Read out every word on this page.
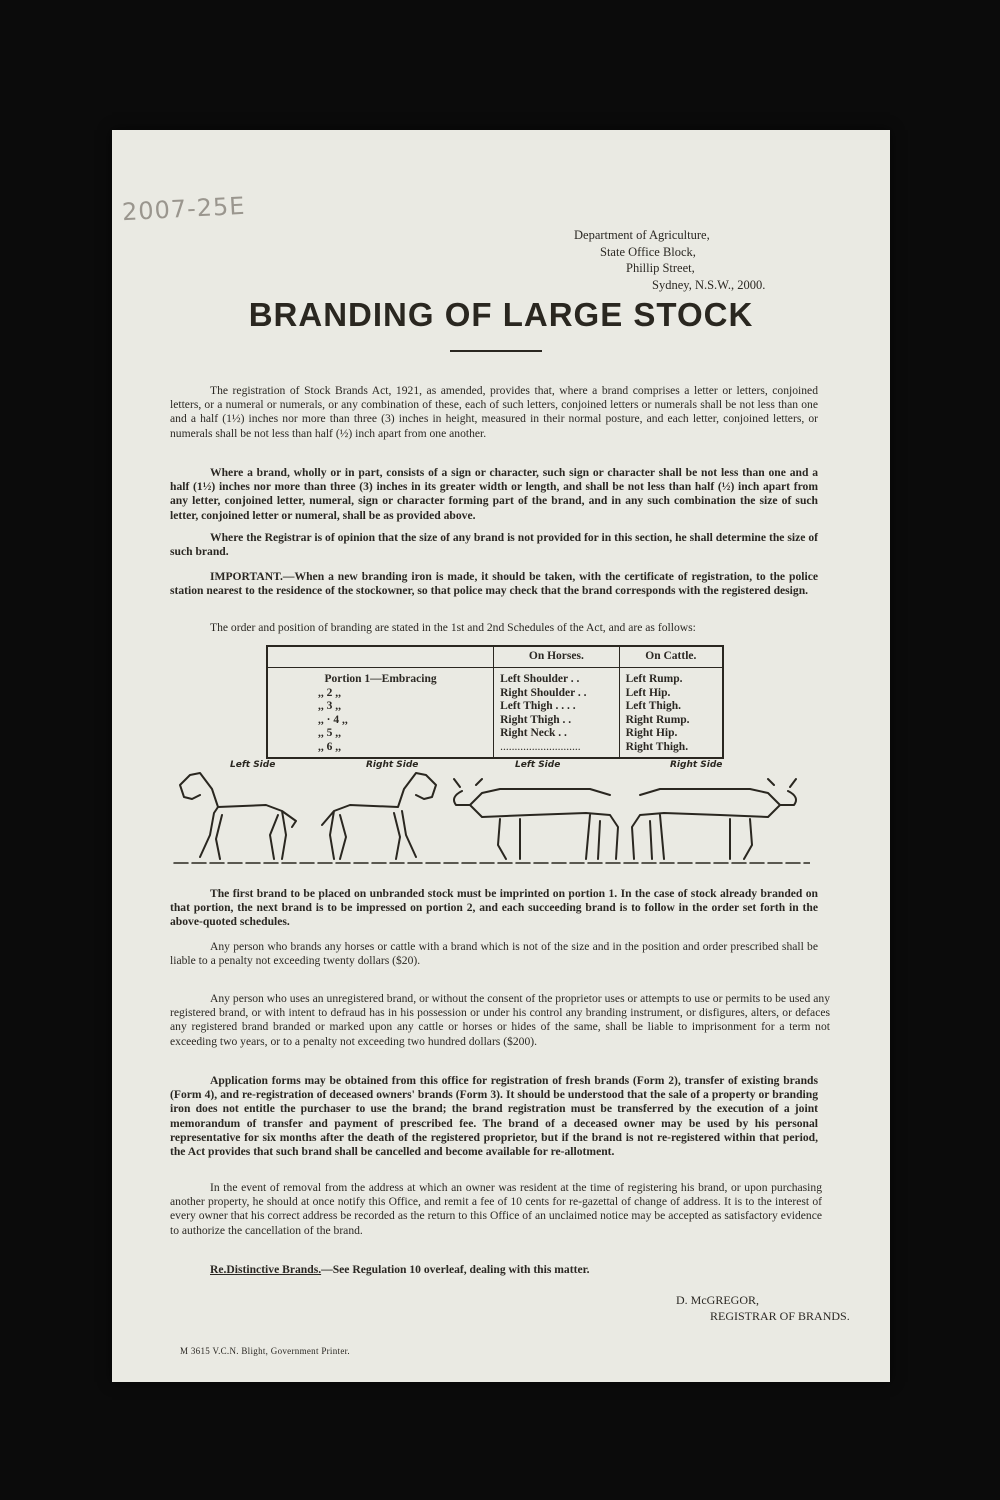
2007-25E
Department of Agriculture,
State Office Block,
Phillip Street,
Sydney, N.S.W., 2000.
BRANDING OF LARGE STOCK
The registration of Stock Brands Act, 1921, as amended, provides that, where a brand comprises a letter or letters, conjoined letters, or a numeral or numerals, or any combination of these, each of such letters, conjoined letters or numerals shall be not less than one and a half (1½) inches nor more than three (3) inches in height, measured in their normal posture, and each letter, conjoined letters, or numerals shall be not less than half (½) inch apart from one another.
Where a brand, wholly or in part, consists of a sign or character, such sign or character shall be not less than one and a half (1½) inches nor more than three (3) inches in its greater width or length, and shall be not less than half (½) inch apart from any letter, conjoined letter, numeral, sign or character forming part of the brand, and in any such combination the size of such letter, conjoined letter or numeral, shall be as provided above.
Where the Registrar is of opinion that the size of any brand is not provided for in this section, he shall determine the size of such brand.
IMPORTANT.—When a new branding iron is made, it should be taken, with the certificate of registration, to the police station nearest to the residence of the stockowner, so that police may check that the brand corresponds with the registered design.
The order and position of branding are stated in the 1st and 2nd Schedules of the Act, and are as follows:
	On Horses.	On Cattle.
Portion 1—Embracing	Left Shoulder . .	Left Rump.
,, 2 ,,	Right Shoulder . .	Left Hip.
,, 3 ,,	Left Thigh . . . .	Left Thigh.
,, · 4 ,,	Right Thigh . .	Right Rump.
,, 5 ,,	Right Neck . .	Right Hip.
,, 6 ,,	............................	Right Thigh.
Left Side	Right Side	Left Side	Right Side
The first brand to be placed on unbranded stock must be imprinted on portion 1. In the case of stock already branded on that portion, the next brand is to be impressed on portion 2, and each succeeding brand is to follow in the order set forth in the above-quoted schedules.
Any person who brands any horses or cattle with a brand which is not of the size and in the position and order prescribed shall be liable to a penalty not exceeding twenty dollars ($20).
Any person who uses an unregistered brand, or without the consent of the proprietor uses or attempts to use or permits to be used any registered brand, or with intent to defraud has in his possession or under his control any branding instrument, or disfigures, alters, or defaces any registered brand branded or marked upon any cattle or horses or hides of the same, shall be liable to imprisonment for a term not exceeding two years, or to a penalty not exceeding two hundred dollars ($200).
Application forms may be obtained from this office for registration of fresh brands (Form 2), transfer of existing brands (Form 4), and re-registration of deceased owners' brands (Form 3). It should be understood that the sale of a property or branding iron does not entitle the purchaser to use the brand; the brand registration must be transferred by the execution of a joint memorandum of transfer and payment of prescribed fee. The brand of a deceased owner may be used by his personal representative for six months after the death of the registered proprietor, but if the brand is not re-registered within that period, the Act provides that such brand shall be cancelled and become available for re-allotment.
In the event of removal from the address at which an owner was resident at the time of registering his brand, or upon purchasing another property, he should at once notify this Office, and remit a fee of 10 cents for re-gazettal of change of address. It is to the interest of every owner that his correct address be recorded as the return to this Office of an unclaimed notice may be accepted as satisfactory evidence to authorize the cancellation of the brand.
Re.Distinctive Brands.—See Regulation 10 overleaf, dealing with this matter.
D. McGREGOR,
REGISTRAR OF BRANDS.
M 3615 V.C.N. Blight, Government Printer.
